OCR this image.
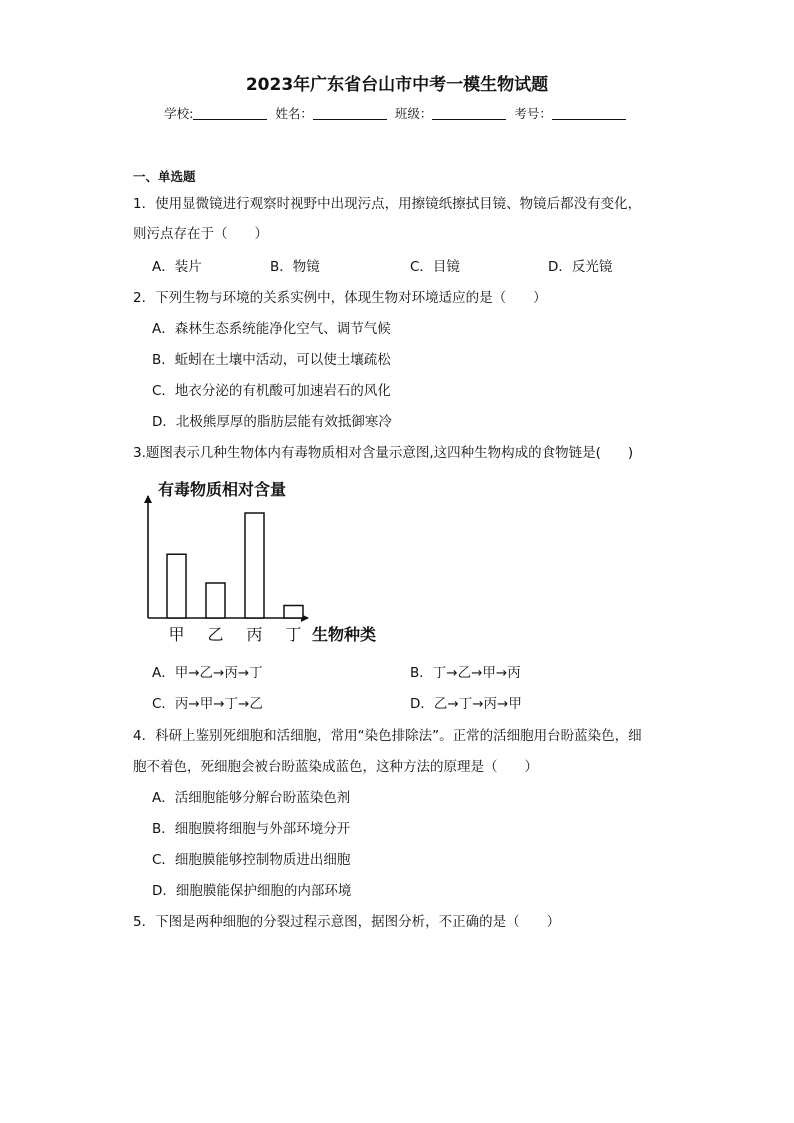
2023年广东省台山市中考一模生物试题
学校:	姓名：	班级：	考号：
一、单选题
1．使用显微镜进行观察时视野中出现污点，用擦镜纸擦拭目镜、物镜后都没有变化，
则污点存在于（　　）
A．装片	B．物镜	C．目镜	D．反光镜
2．下列生物与环境的关系实例中，体现生物对环境适应的是（　　）
A．森林生态系统能净化空气、调节气候
B．蚯蚓在土壤中活动，可以使土壤疏松
C．地衣分泌的有机酸可加速岩石的风化
D．北极熊厚厚的脂肪层能有效抵御寒冷
3.题图表示几种生物体内有毒物质相对含量示意图,这四种生物构成的食物链是(　　)
有毒物质相对含量
甲 乙 丙 丁 生物种类
A．甲→乙→丙→丁	B．丁→乙→甲→丙
C．丙→甲→丁→乙	D．乙→丁→丙→甲
4．科研上鉴别死细胞和活细胞，常用“染色排除法”。正常的活细胞用台盼蓝染色，细
胞不着色，死细胞会被台盼蓝染成蓝色，这种方法的原理是（　　）
A．活细胞能够分解台盼蓝染色剂
B．细胞膜将细胞与外部环境分开
C．细胞膜能够控制物质进出细胞
D．细胞膜能保护细胞的内部环境
5．下图是两种细胞的分裂过程示意图，据图分析，不正确的是（　　）
